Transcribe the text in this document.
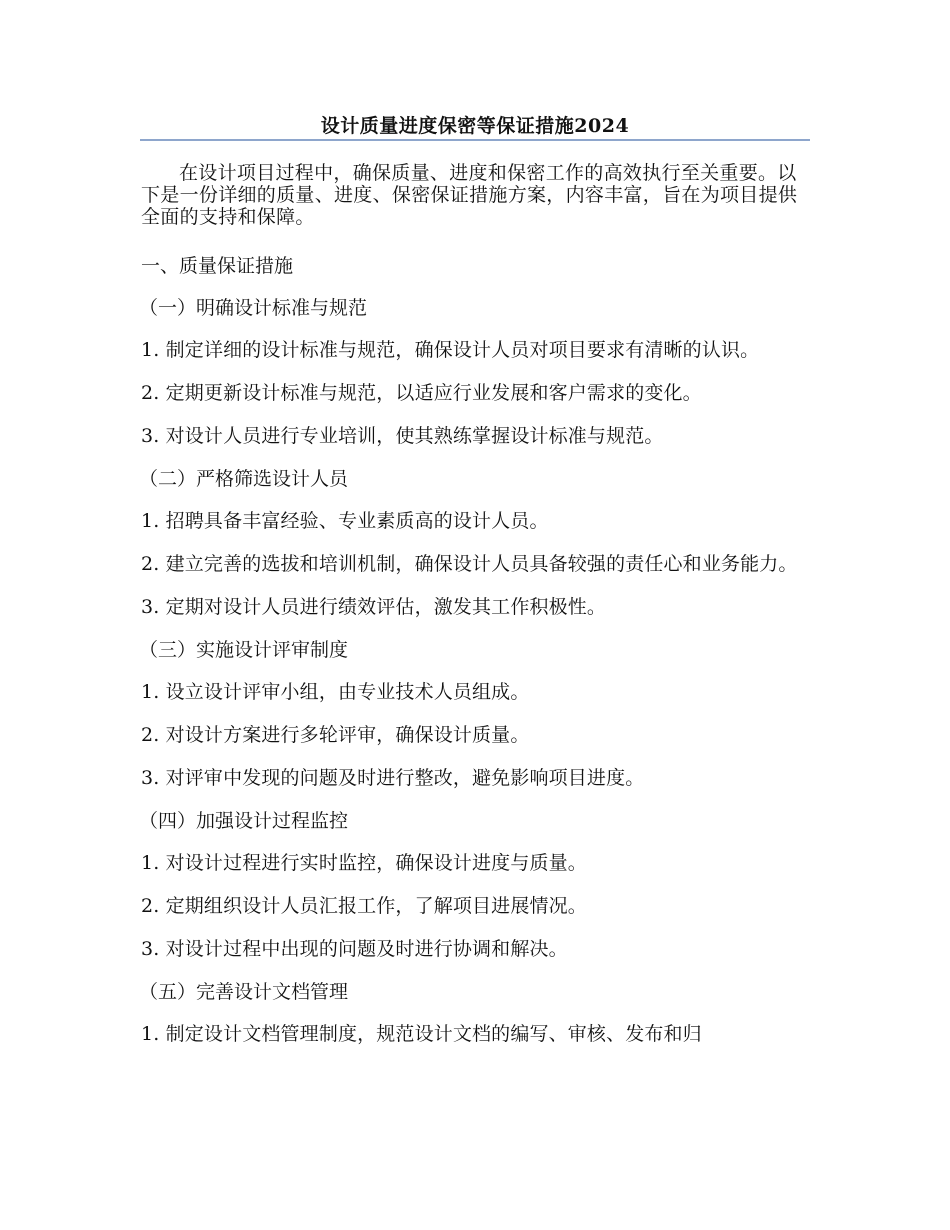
设计质量进度保密等保证措施2024

在设计项目过程中，确保质量、进度和保密工作的高效执行至关重要。以下是一份详细的质量、进度、保密保证措施方案，内容丰富，旨在为项目提供全面的支持和保障。

一、质量保证措施

（一）明确设计标准与规范

1. 制定详细的设计标准与规范，确保设计人员对项目要求有清晰的认识。

2. 定期更新设计标准与规范，以适应行业发展和客户需求的变化。

3. 对设计人员进行专业培训，使其熟练掌握设计标准与规范。

（二）严格筛选设计人员

1. 招聘具备丰富经验、专业素质高的设计人员。

2. 建立完善的选拔和培训机制，确保设计人员具备较强的责任心和业务能力。

3. 定期对设计人员进行绩效评估，激发其工作积极性。

（三）实施设计评审制度

1. 设立设计评审小组，由专业技术人员组成。

2. 对设计方案进行多轮评审，确保设计质量。

3. 对评审中发现的问题及时进行整改，避免影响项目进度。

（四）加强设计过程监控

1. 对设计过程进行实时监控，确保设计进度与质量。

2. 定期组织设计人员汇报工作，了解项目进展情况。

3. 对设计过程中出现的问题及时进行协调和解决。

（五）完善设计文档管理

1. 制定设计文档管理制度，规范设计文档的编写、审核、发布和归
